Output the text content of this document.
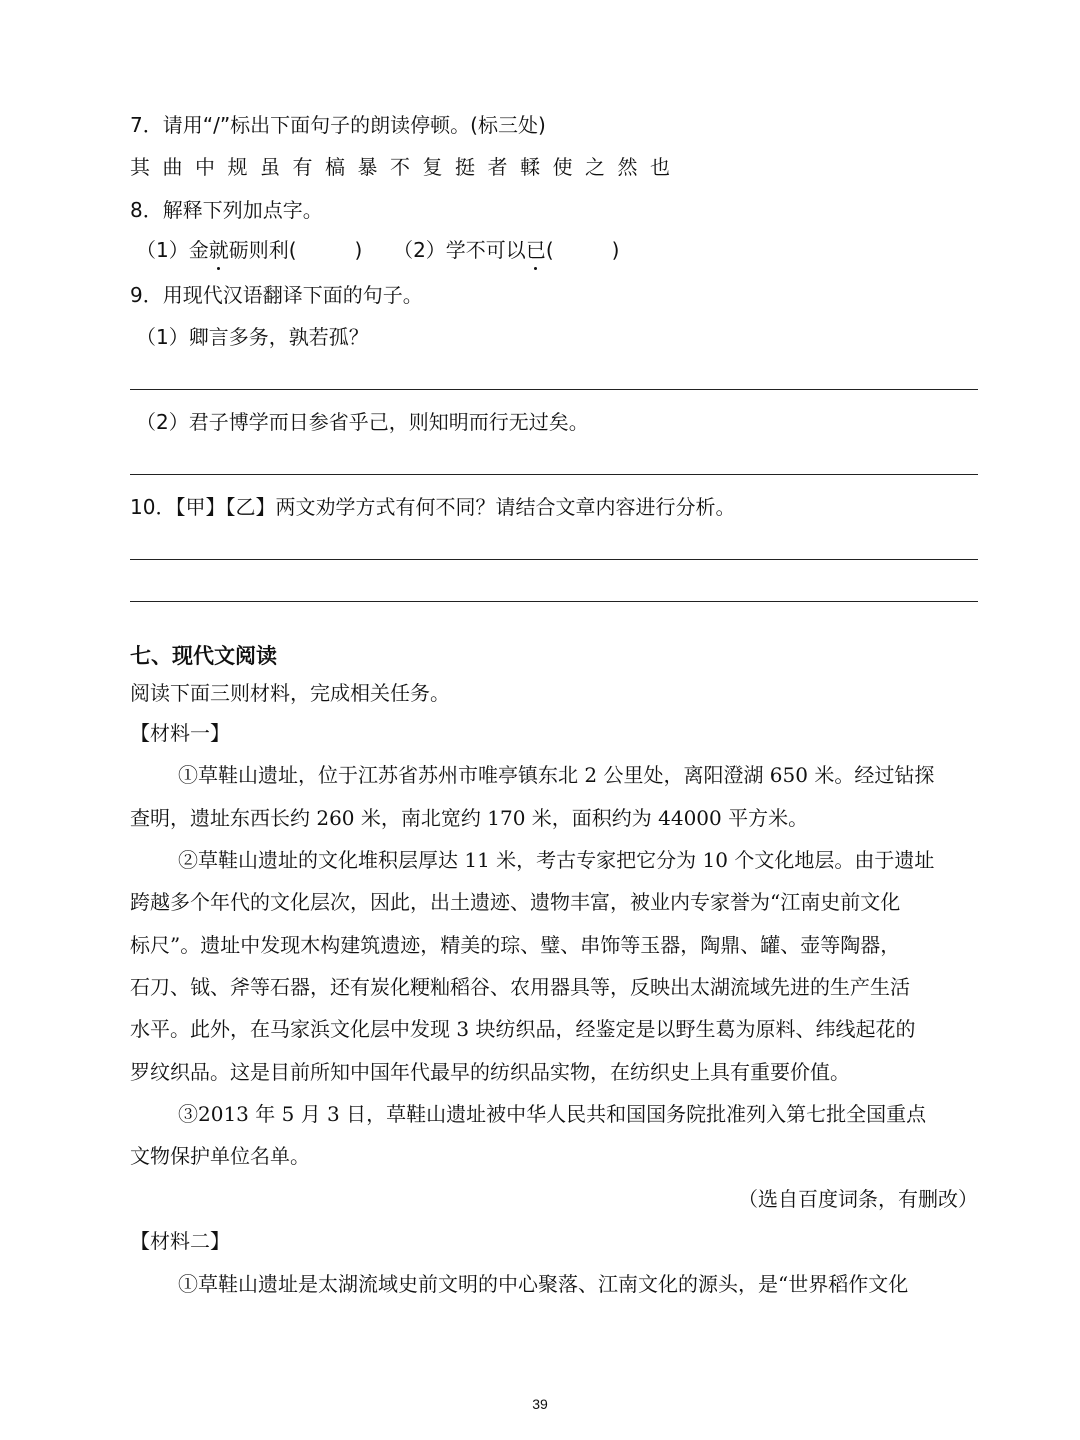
7．请用“/”标出下面句子的朗读停顿。(标三处)
其曲中规虽有槁暴不复挺者輮使之然也
8．解释下列加点字。
（1）金就砺则利(	) （2）学不可以已(	)
9．用现代汉语翻译下面的句子。
（1）卿言多务，孰若孤？
（2）君子博学而日参省乎己，则知明而行无过矣。
10．【甲】【乙】两文劝学方式有何不同？请结合文章内容进行分析。
七、现代文阅读
阅读下面三则材料，完成相关任务。
【材料一】
①草鞋山遗址，位于江苏省苏州市唯亭镇东北 2 公里处，离阳澄湖 650 米。经过钻探
查明，遗址东西长约 260 米，南北宽约 170 米，面积约为 44000 平方米。
②草鞋山遗址的文化堆积层厚达 11 米，考古专家把它分为 10 个文化地层。由于遗址
跨越多个年代的文化层次，因此，出土遗迹、遗物丰富，被业内专家誉为“江南史前文化
标尺”。遗址中发现木构建筑遗迹，精美的琮、璧、串饰等玉器，陶鼎、罐、壶等陶器，
石刀、钺、斧等石器，还有炭化粳籼稻谷、农用器具等，反映出太湖流域先进的生产生活
水平。此外，在马家浜文化层中发现 3 块纺织品，经鉴定是以野生葛为原料、纬线起花的
罗纹织品。这是目前所知中国年代最早的纺织品实物，在纺织史上具有重要价值。
③2013 年 5 月 3 日，草鞋山遗址被中华人民共和国国务院批准列入第七批全国重点
文物保护单位名单。
（选自百度词条，有删改）
【材料二】
①草鞋山遗址是太湖流域史前文明的中心聚落、江南文化的源头，是“世界稻作文化
39
